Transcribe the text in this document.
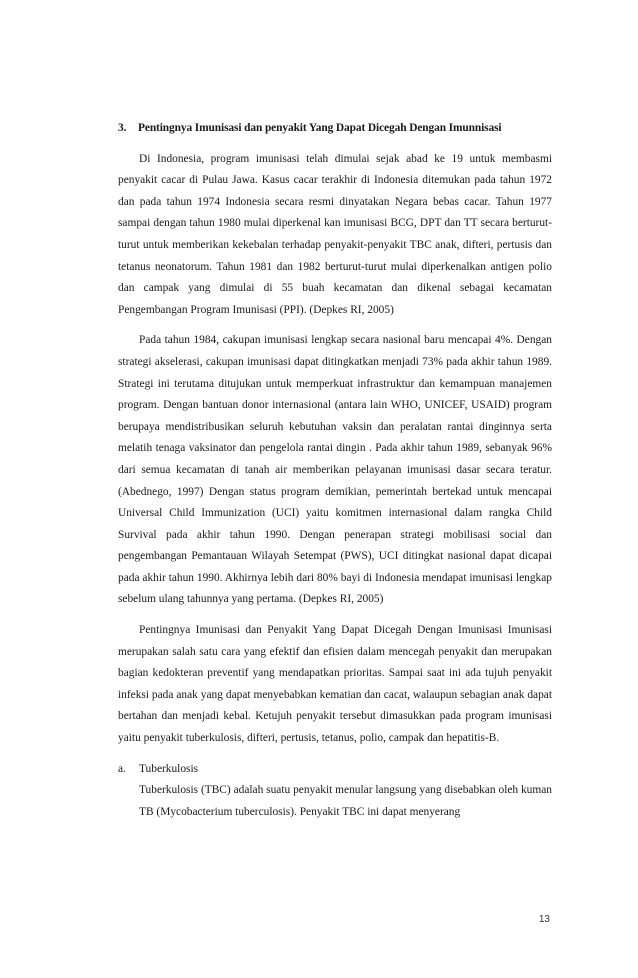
3. Pentingnya Imunisasi dan penyakit Yang Dapat Dicegah Dengan Imunnisasi

Di Indonesia, program imunisasi telah dimulai sejak abad ke 19 untuk membasmi penyakit cacar di Pulau Jawa. Kasus cacar terakhir di Indonesia ditemukan pada tahun 1972 dan pada tahun 1974 Indonesia secara resmi dinyatakan Negara bebas cacar. Tahun 1977 sampai dengan tahun 1980 mulai diperkenal kan imunisasi BCG, DPT dan TT secara berturut-turut untuk memberikan kekebalan terhadap penyakit-penyakit TBC anak, difteri, pertusis dan tetanus neonatorum. Tahun 1981 dan 1982 berturut-turut mulai diperkenalkan antigen polio dan campak yang dimulai di 55 buah kecamatan dan dikenal sebagai kecamatan Pengembangan Program Imunisasi (PPI). (Depkes RI, 2005)

Pada tahun 1984, cakupan imunisasi lengkap secara nasional baru mencapai 4%. Dengan strategi akselerasi, cakupan imunisasi dapat ditingkatkan menjadi 73% pada akhir tahun 1989. Strategi ini terutama ditujukan untuk memperkuat infrastruktur dan kemampuan manajemen program. Dengan bantuan donor internasional (antara lain WHO, UNICEF, USAID) program berupaya mendistribusikan seluruh kebutuhan vaksin dan peralatan rantai dinginnya serta melatih tenaga vaksinator dan pengelola rantai dingin . Pada akhir tahun 1989, sebanyak 96% dari semua kecamatan di tanah air memberikan pelayanan imunisasi dasar secara teratur. (Abednego, 1997) Dengan status program demikian, pemerintah bertekad untuk mencapai Universal Child Immunization (UCI) yaitu komitmen internasional dalam rangka Child Survival pada akhir tahun 1990. Dengan penerapan strategi mobilisasi social dan pengembangan Pemantauan Wilayah Setempat (PWS), UCI ditingkat nasional dapat dicapai pada akhir tahun 1990. Akhirnya lebih dari 80% bayi di Indonesia mendapat imunisasi lengkap sebelum ulang tahunnya yang pertama. (Depkes RI, 2005)

Pentingnya Imunisasi dan Penyakit Yang Dapat Dicegah Dengan Imunisasi Imunisasi merupakan salah satu cara yang efektif dan efisien dalam mencegah penyakit dan merupakan bagian kedokteran preventif yang mendapatkan prioritas. Sampai saat ini ada tujuh penyakit infeksi pada anak yang dapat menyebabkan kematian dan cacat, walaupun sebagian anak dapat bertahan dan menjadi kebal. Ketujuh penyakit tersebut dimasukkan pada program imunisasi yaitu penyakit tuberkulosis, difteri, pertusis, tetanus, polio, campak dan hepatitis-B.

a. Tuberkulosis

Tuberkulosis (TBC) adalah suatu penyakit menular langsung yang disebabkan oleh kuman TB (Mycobacterium tuberculosis). Penyakit TBC ini dapat menyerang

13
